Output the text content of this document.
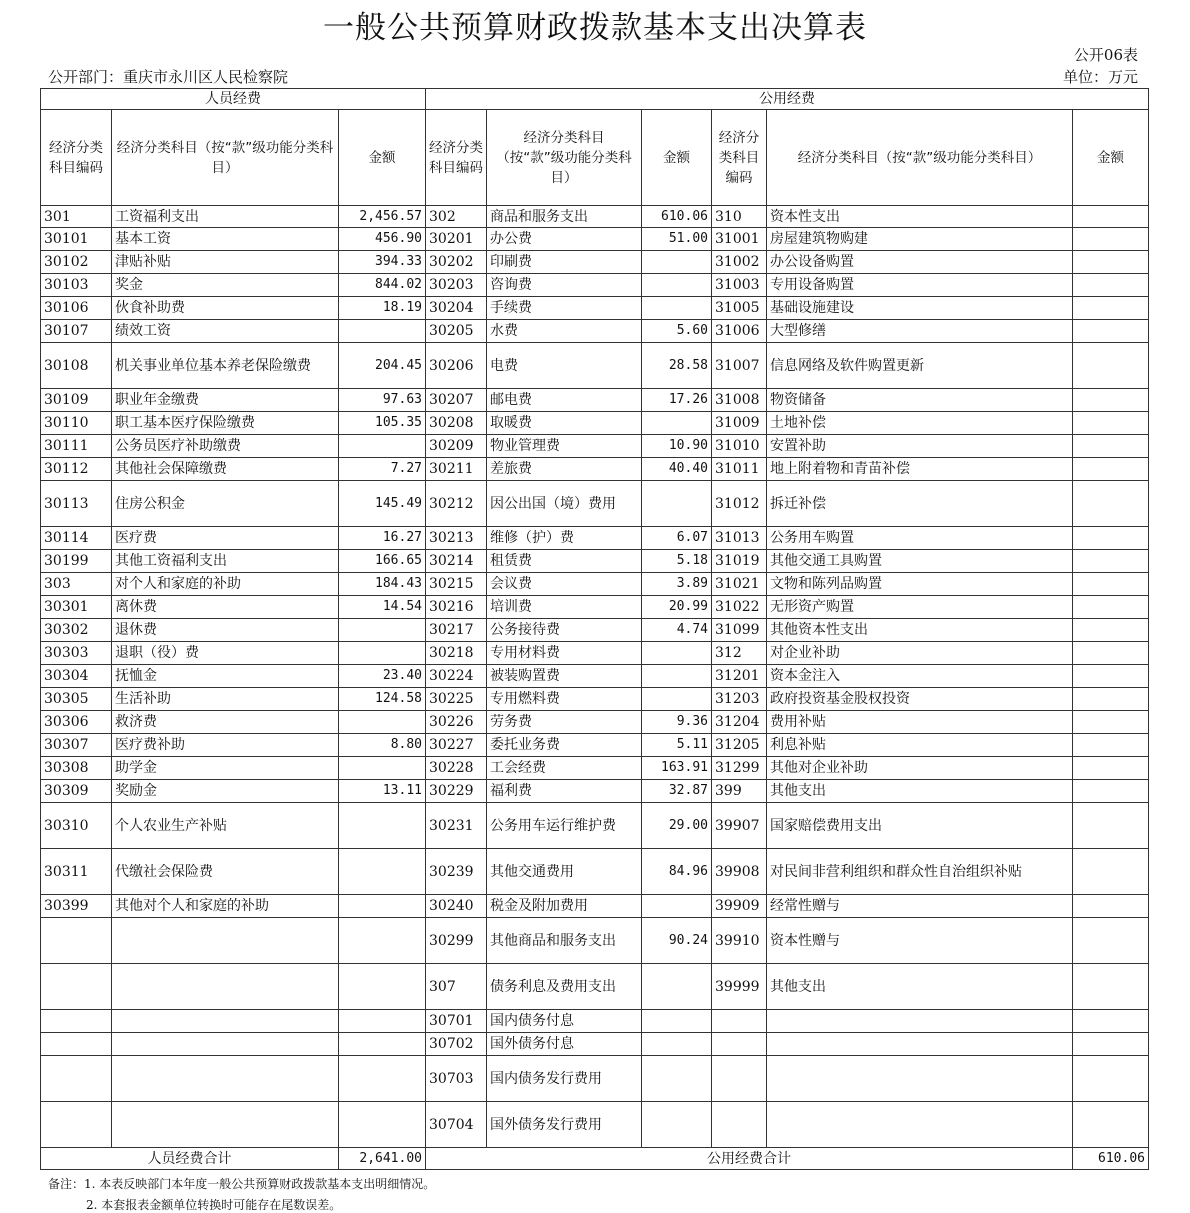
一般公共预算财政拨款基本支出决算表
公开06表
公开部门：重庆市永川区人民检察院	单位：万元
人员经费			公用经费					
经济分类科目编码	经济分类科目（按“款”级功能分类科目）	金额	经济分类科目编码	经济分类科目（按“款”级功能分类科目）	金额	经济分类科目编码	经济分类科目（按“款”级功能分类科目）	金额
301	工资福利支出	2,456.57	302	商品和服务支出	610.06	310	资本性支出	
30101	基本工资	456.90	30201	办公费	51.00	31001	房屋建筑物购建	
30102	津贴补贴	394.33	30202	印刷费		31002	办公设备购置	
30103	奖金	844.02	30203	咨询费		31003	专用设备购置	
30106	伙食补助费	18.19	30204	手续费		31005	基础设施建设	
30107	绩效工资		30205	水费	5.60	31006	大型修缮	
30108	机关事业单位基本养老保险缴费	204.45	30206	电费	28.58	31007	信息网络及软件购置更新	
30109	职业年金缴费	97.63	30207	邮电费	17.26	31008	物资储备	
30110	职工基本医疗保险缴费	105.35	30208	取暖费		31009	土地补偿	
30111	公务员医疗补助缴费		30209	物业管理费	10.90	31010	安置补助	
30112	其他社会保障缴费	7.27	30211	差旅费	40.40	31011	地上附着物和青苗补偿	
30113	住房公积金	145.49	30212	因公出国（境）费用		31012	拆迁补偿	
30114	医疗费	16.27	30213	维修（护）费	6.07	31013	公务用车购置	
30199	其他工资福利支出	166.65	30214	租赁费	5.18	31019	其他交通工具购置	
303	对个人和家庭的补助	184.43	30215	会议费	3.89	31021	文物和陈列品购置	
30301	离休费	14.54	30216	培训费	20.99	31022	无形资产购置	
30302	退休费		30217	公务接待费	4.74	31099	其他资本性支出	
30303	退职（役）费		30218	专用材料费		312	对企业补助	
30304	抚恤金	23.40	30224	被装购置费		31201	资本金注入	
30305	生活补助	124.58	30225	专用燃料费		31203	政府投资基金股权投资	
30306	救济费		30226	劳务费	9.36	31204	费用补贴	
30307	医疗费补助	8.80	30227	委托业务费	5.11	31205	利息补贴	
30308	助学金		30228	工会经费	163.91	31299	其他对企业补助	
30309	奖励金	13.11	30229	福利费	32.87	399	其他支出	
30310	个人农业生产补贴		30231	公务用车运行维护费	29.00	39907	国家赔偿费用支出	
30311	代缴社会保险费		30239	其他交通费用	84.96	39908	对民间非营利组织和群众性自治组织补贴	
30399	其他对个人和家庭的补助		30240	税金及附加费用		39909	经常性赠与	
			30299	其他商品和服务支出	90.24	39910	资本性赠与	
			307	债务利息及费用支出		39999	其他支出	
			30701	国内债务付息				
			30702	国外债务付息				
			30703	国内债务发行费用				
			30704	国外债务发行费用				
人员经费合计		2,641.00	公用经费合计					610.06
备注：1. 本表反映部门本年度一般公共预算财政拨款基本支出明细情况。
2. 本套报表金额单位转换时可能存在尾数误差。
